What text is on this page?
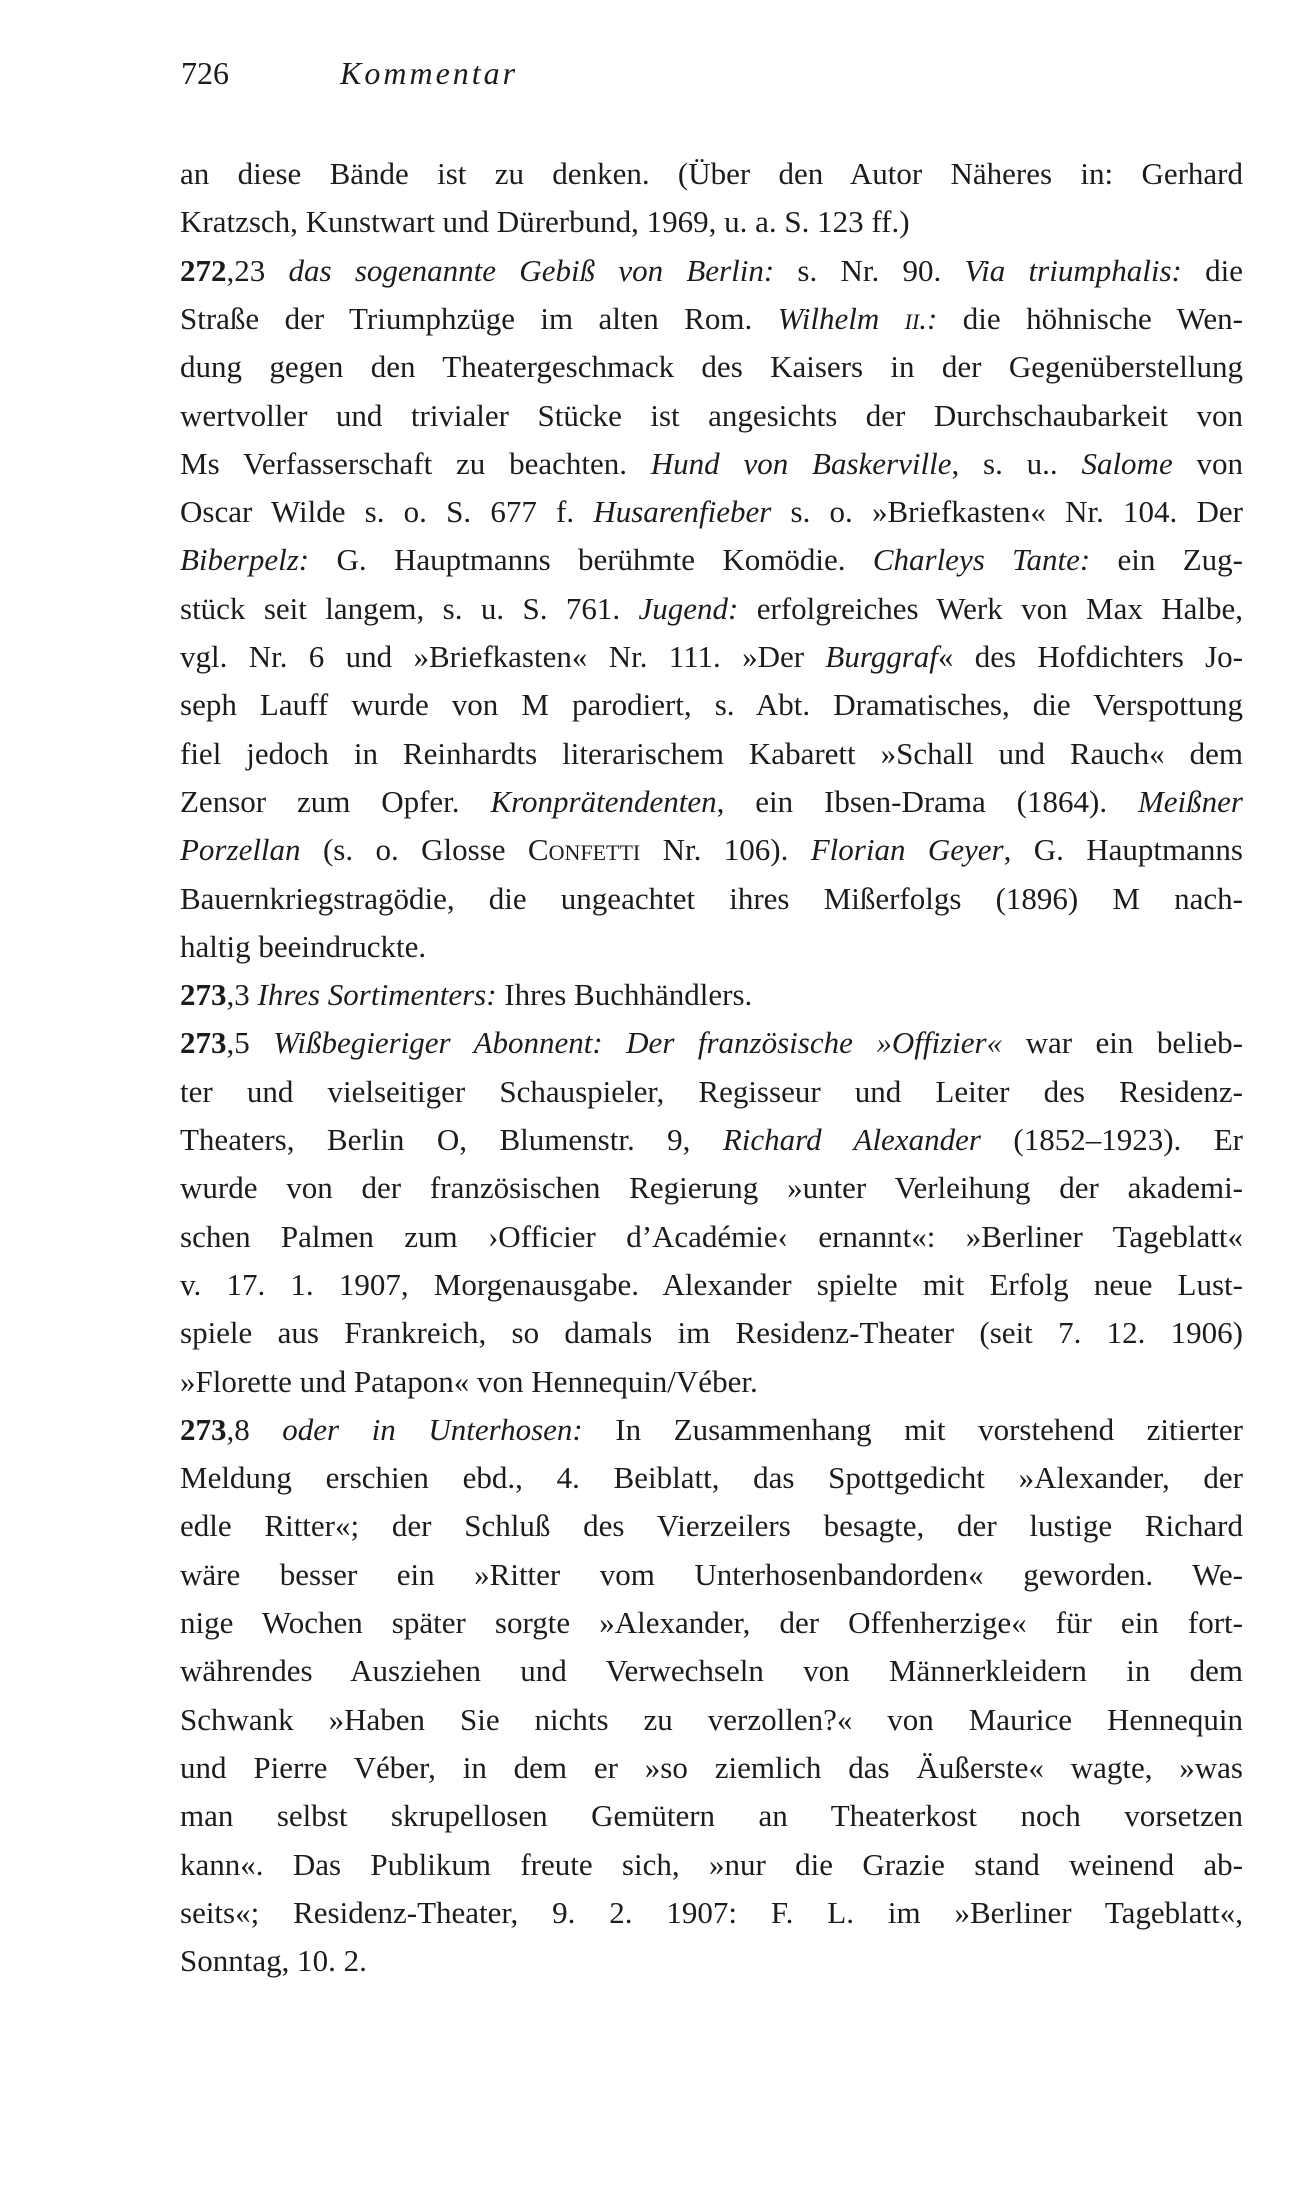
726	Kommentar
an diese Bände ist zu denken. (Über den Autor Näheres in: Gerhard
Kratzsch, Kunstwart und Dürerbund, 1969, u. a. S. 123 ff.)
272,23 das sogenannte Gebiß von Berlin: s. Nr. 90. Via triumphalis: die
Straße der Triumphzüge im alten Rom. Wilhelm ii.: die höhnische Wen-
dung gegen den Theatergeschmack des Kaisers in der Gegenüberstellung
wertvoller und trivialer Stücke ist angesichts der Durchschaubarkeit von
Ms Verfasserschaft zu beachten. Hund von Baskerville, s. u.. Salome von
Oscar Wilde s. o. S. 677 f. Husarenfieber s. o. »Briefkasten« Nr. 104. Der
Biberpelz: G. Hauptmanns berühmte Komödie. Charleys Tante: ein Zug-
stück seit langem, s. u. S. 761. Jugend: erfolgreiches Werk von Max Halbe,
vgl. Nr. 6 und »Briefkasten« Nr. 111. »Der Burggraf« des Hofdichters Jo-
seph Lauff wurde von M parodiert, s. Abt. Dramatisches, die Verspottung
fiel jedoch in Reinhardts literarischem Kabarett »Schall und Rauch« dem
Zensor zum Opfer. Kronprätendenten, ein Ibsen-Drama (1864). Meißner
Porzellan (s. o. Glosse Confetti Nr. 106). Florian Geyer, G. Hauptmanns
Bauernkriegstragödie, die ungeachtet ihres Mißerfolgs (1896) M nach-
haltig beeindruckte.
273,3 Ihres Sortimenters: Ihres Buchhändlers.
273,5 Wißbegieriger Abonnent: Der französische »Offizier« war ein belieb-
ter und vielseitiger Schauspieler, Regisseur und Leiter des Residenz-
Theaters, Berlin O, Blumenstr. 9, Richard Alexander (1852–1923). Er
wurde von der französischen Regierung »unter Verleihung der akademi-
schen Palmen zum ›Officier d’Académie‹ ernannt«: »Berliner Tageblatt«
v. 17. 1. 1907, Morgenausgabe. Alexander spielte mit Erfolg neue Lust-
spiele aus Frankreich, so damals im Residenz-Theater (seit 7. 12. 1906)
»Florette und Patapon« von Hennequin/Véber.
273,8 oder in Unterhosen: In Zusammenhang mit vorstehend zitierter
Meldung erschien ebd., 4. Beiblatt, das Spottgedicht »Alexander, der
edle Ritter«; der Schluß des Vierzeilers besagte, der lustige Richard
wäre besser ein »Ritter vom Unterhosenbandorden« geworden. We-
nige Wochen später sorgte »Alexander, der Offenherzige« für ein fort-
währendes Ausziehen und Verwechseln von Männerkleidern in dem
Schwank »Haben Sie nichts zu verzollen?« von Maurice Hennequin
und Pierre Véber, in dem er »so ziemlich das Äußerste« wagte, »was
man selbst skrupellosen Gemütern an Theaterkost noch vorsetzen
kann«. Das Publikum freute sich, »nur die Grazie stand weinend ab-
seits«; Residenz-Theater, 9. 2. 1907: F. L. im »Berliner Tageblatt«,
Sonntag, 10. 2.
